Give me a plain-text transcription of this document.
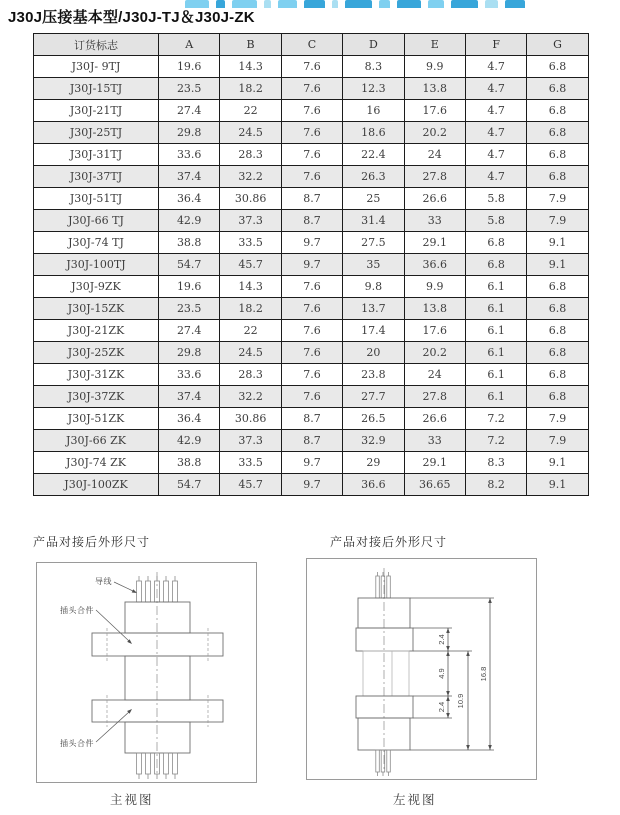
J30J压接基本型/J30J-TJ＆J30J-ZK
订货标志	A	B	C	D	E	F	G
J30J- 9TJ	19.6	14.3	7.6	8.3	9.9	4.7	6.8
J30J-15TJ	23.5	18.2	7.6	12.3	13.8	4.7	6.8
J30J-21TJ	27.4	22	7.6	16	17.6	4.7	6.8
J30J-25TJ	29.8	24.5	7.6	18.6	20.2	4.7	6.8
J30J-31TJ	33.6	28.3	7.6	22.4	24	4.7	6.8
J30J-37TJ	37.4	32.2	7.6	26.3	27.8	4.7	6.8
J30J-51TJ	36.4	30.86	8.7	25	26.6	5.8	7.9
J30J-66 TJ	42.9	37.3	8.7	31.4	33	5.8	7.9
J30J-74 TJ	38.8	33.5	9.7	27.5	29.1	6.8	9.1
J30J-100TJ	54.7	45.7	9.7	35	36.6	6.8	9.1
J30J-9ZK	19.6	14.3	7.6	9.8	9.9	6.1	6.8
J30J-15ZK	23.5	18.2	7.6	13.7	13.8	6.1	6.8
J30J-21ZK	27.4	22	7.6	17.4	17.6	6.1	6.8
J30J-25ZK	29.8	24.5	7.6	20	20.2	6.1	6.8
J30J-31ZK	33.6	28.3	7.6	23.8	24	6.1	6.8
J30J-37ZK	37.4	32.2	7.6	27.7	27.8	6.1	6.8
J30J-51ZK	36.4	30.86	8.7	26.5	26.6	7.2	7.9
J30J-66 ZK	42.9	37.3	8.7	32.9	33	7.2	7.9
J30J-74 ZK	38.8	33.5	9.7	29	29.1	8.3	9.1
J30J-100ZK	54.7	45.7	9.7	36.6	36.65	8.2	9.1
产品对接后外形尺寸	产品对接后外形尺寸
导线
插头合件
插头合件
主视图
2.4
4.9
2.4 10.9
16.8
左视图
